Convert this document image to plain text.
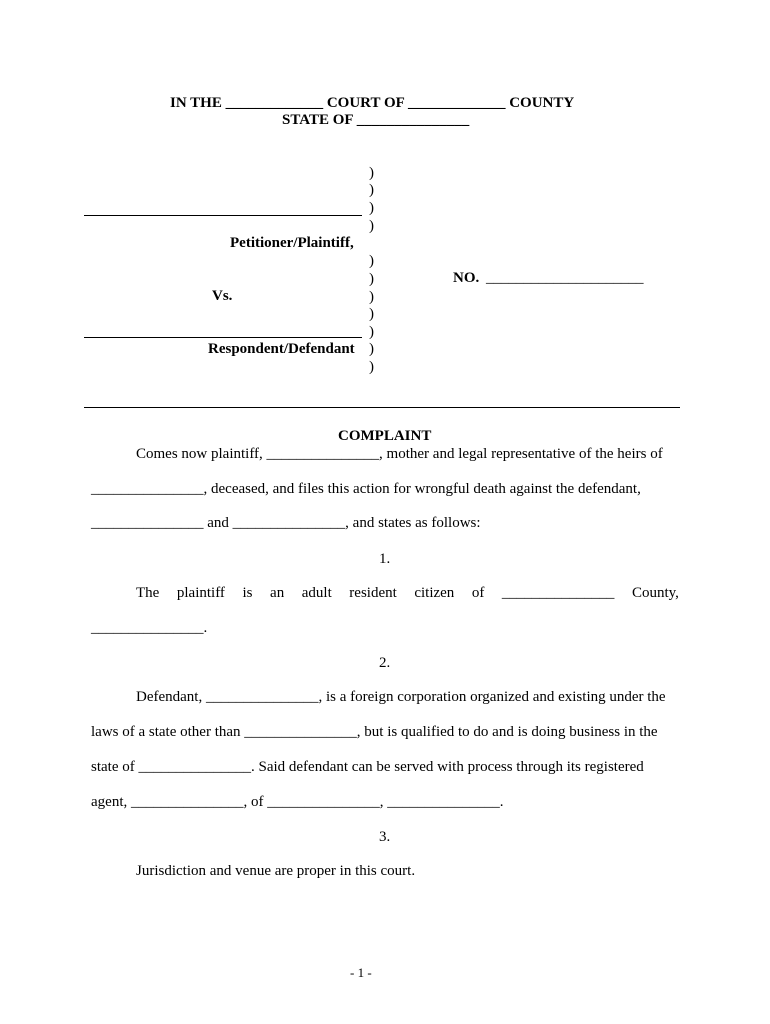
IN THE _____________ COURT OF _____________ COUNTY
STATE OF _______________
)
)
)
)
)
)
)
)
)
)
)
Petitioner/Plaintiff,
Vs.
NO. _____________________
Respondent/Defendant
COMPLAINT
Comes now plaintiff, _______________, mother and legal representative of the heirs of
_______________, deceased, and files this action for wrongful death against the defendant,
_______________ and _______________, and states as follows:
1.
The plaintiff is an adult resident citizen of _______________ County,
_______________.
2.
Defendant, _______________, is a foreign corporation organized and existing under the
laws of a state other than _______________, but is qualified to do and is doing business in the
state of _______________. Said defendant can be served with process through its registered
agent, _______________, of _______________, _______________.
3.
Jurisdiction and venue are proper in this court.
- 1 -
